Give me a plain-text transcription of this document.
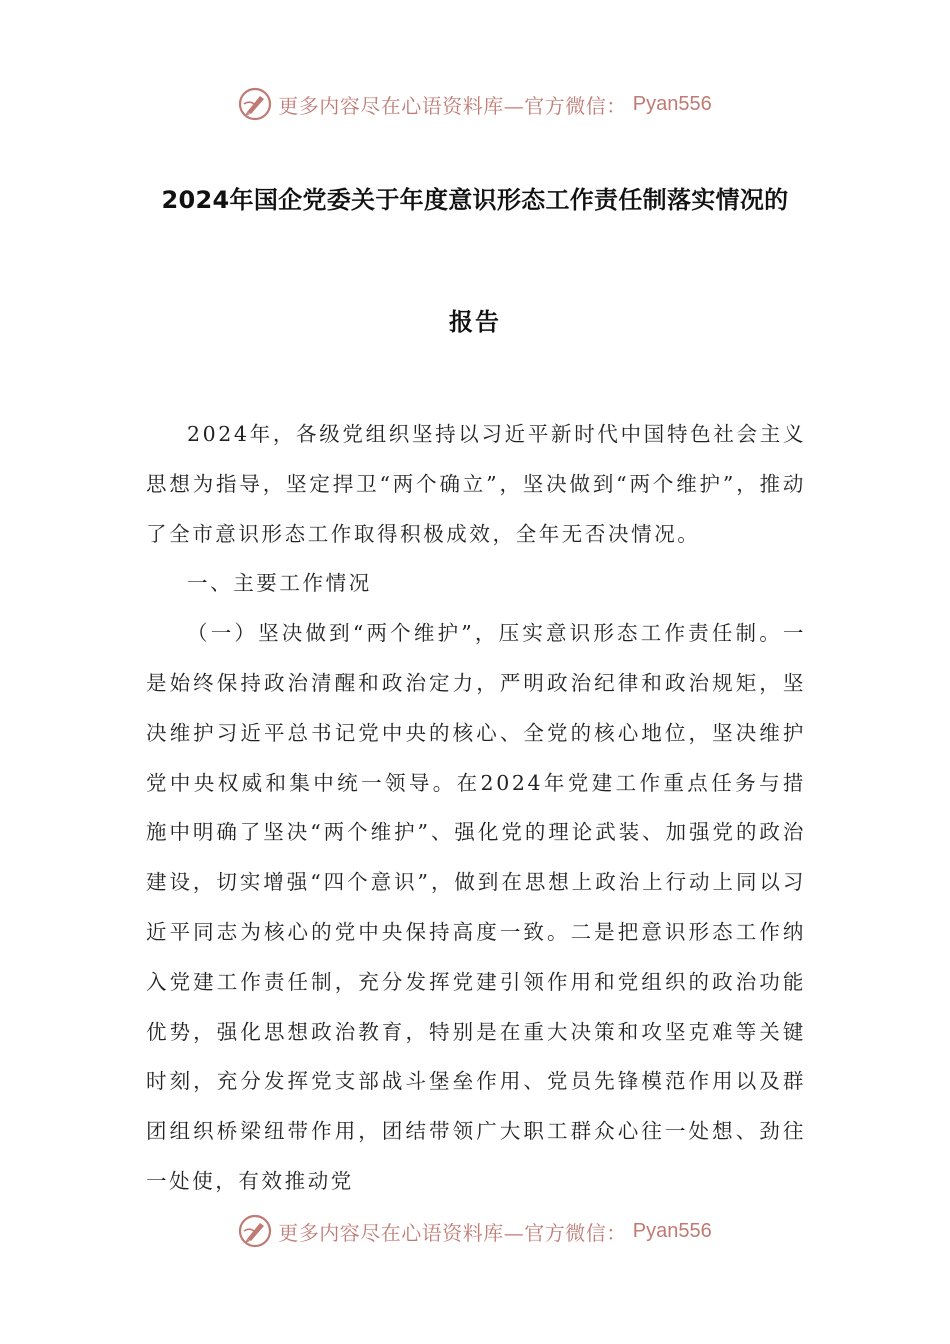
更多内容尽在心语资料库—官方微信： Pyan556
2024年国企党委关于年度意识形态工作责任制落实情况的
报告

2024年，各级党组织坚持以习近平新时代中国特色社会主义思想为指导，坚定捍卫“两个确立”，坚决做到“两个维护”，推动了全市意识形态工作取得积极成效，全年无否决情况。

一、主要工作情况

（一）坚决做到“两个维护”，压实意识形态工作责任制。一是始终保持政治清醒和政治定力，严明政治纪律和政治规矩，坚决维护习近平总书记党中央的核心、全党的核心地位，坚决维护党中央权威和集中统一领导。在2024年党建工作重点任务与措施中明确了坚决“两个维护”、强化党的理论武装、加强党的政治建设，切实增强“四个意识”，做到在思想上政治上行动上同以习近平同志为核心的党中央保持高度一致。二是把意识形态工作纳入党建工作责任制，充分发挥党建引领作用和党组织的政治功能优势，强化思想政治教育，特别是在重大决策和攻坚克难等关键时刻，充分发挥党支部战斗堡垒作用、党员先锋模范作用以及群团组织桥梁纽带作用，团结带领广大职工群众心往一处想、劲往一处使，有效推动党

更多内容尽在心语资料库—官方微信： Pyan556
